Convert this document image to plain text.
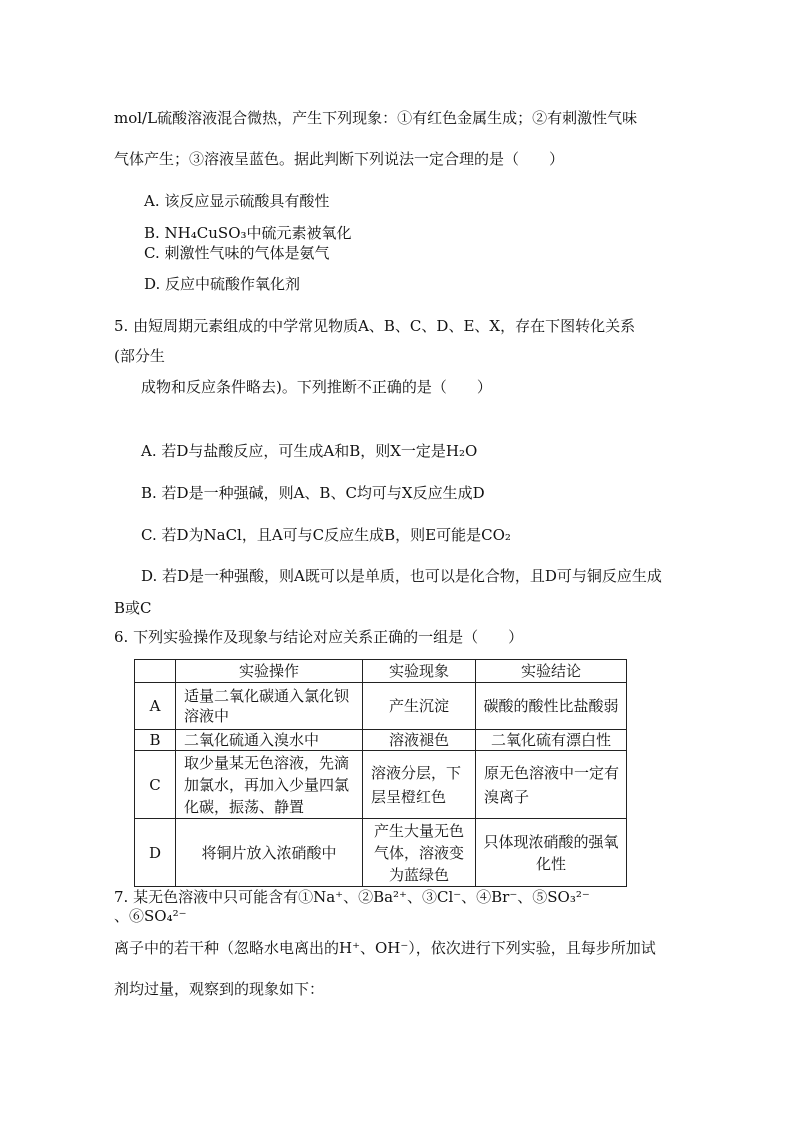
mol/L硫酸溶液混合微热，产生下列现象：①有红色金属生成；②有刺激性气味
气体产生；③溶液呈蓝色。据此判断下列说法一定合理的是（　　）
A. 该反应显示硫酸具有酸性
B. NH₄CuSO₃中硫元素被氧化
C. 刺激性气味的气体是氨气
D. 反应中硫酸作氧化剂
5. 由短周期元素组成的中学常见物质A、B、C、D、E、X，存在下图转化关系
(部分生
成物和反应条件略去)。下列推断不正确的是（　　）
A. 若D与盐酸反应，可生成A和B，则X一定是H₂O
B. 若D是一种强碱，则A、B、C均可与X反应生成D
C. 若D为NaCl，且A可与C反应生成B，则E可能是CO₂
D. 若D是一种强酸，则A既可以是单质，也可以是化合物，且D可与铜反应生成
B或C
6. 下列实验操作及现象与结论对应关系正确的一组是（　　）
	实验操作	实验现象	实验结论
A	适量二氧化碳通入氯化钡溶液中	产生沉淀	碳酸的酸性比盐酸弱
B	二氧化硫通入溴水中	溶液褪色	二氧化硫有漂白性
C	取少量某无色溶液，先滴加氯水，再加入少量四氯化碳，振荡、静置	溶液分层，下层呈橙红色	原无色溶液中一定有溴离子
D	将铜片放入浓硝酸中	产生大量无色气体，溶液变为蓝绿色	只体现浓硝酸的强氧化性
7. 某无色溶液中只可能含有①Na⁺、②Ba²⁺、③Cl⁻、④Br⁻、⑤SO₃²⁻
、⑥SO₄²⁻
离子中的若干种（忽略水电离出的H⁺、OH⁻），依次进行下列实验，且每步所加试
剂均过量，观察到的现象如下：
